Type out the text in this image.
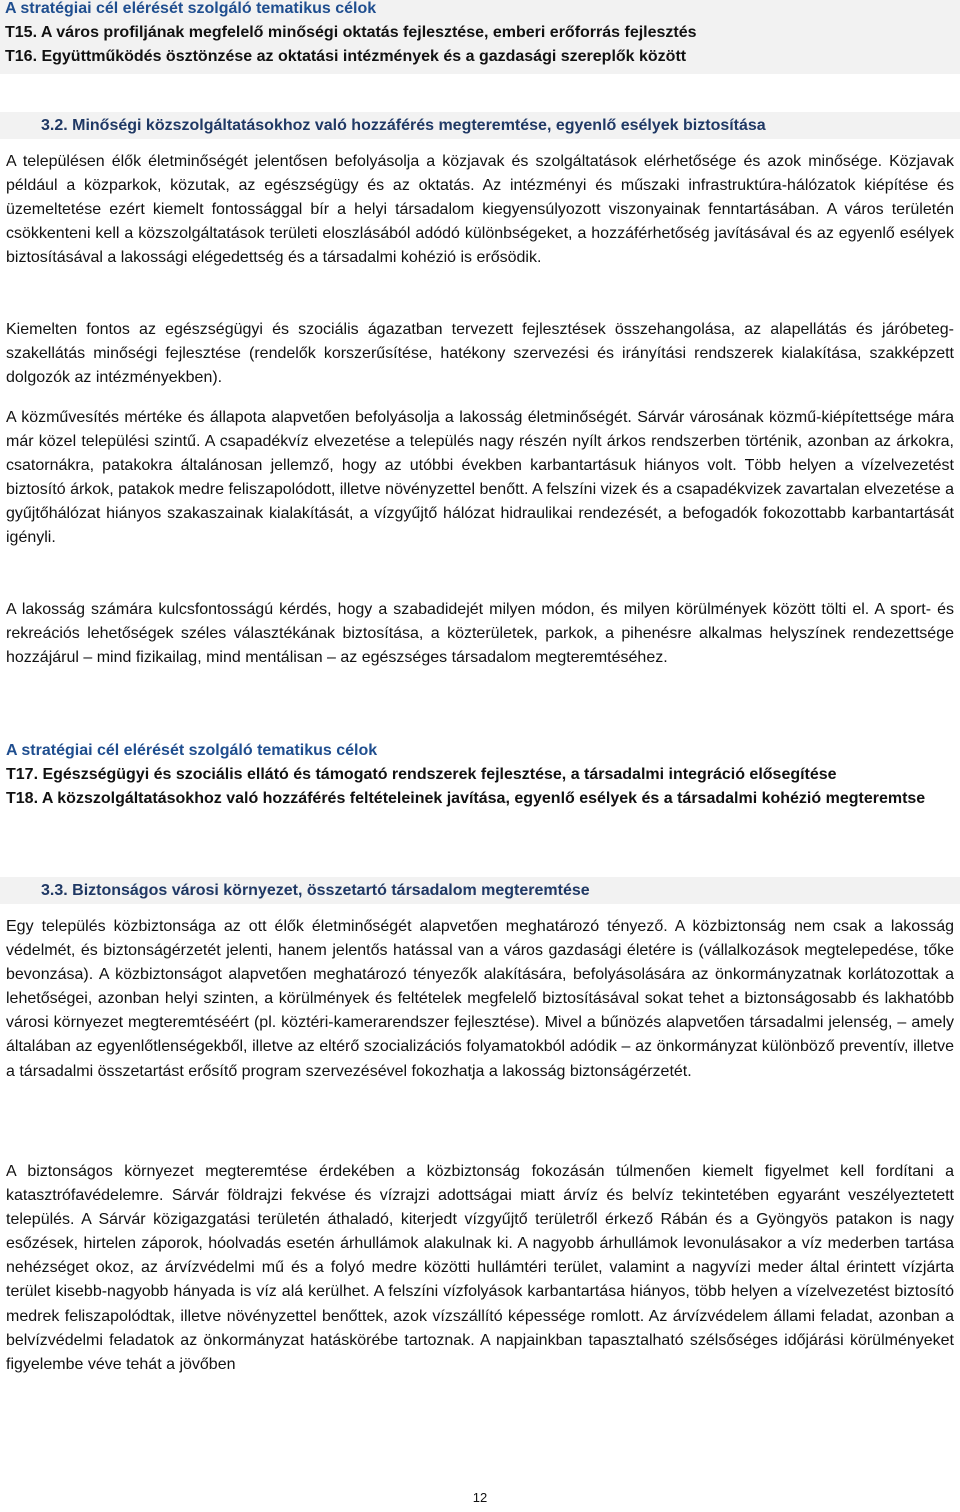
A stratégiai cél elérését szolgáló tematikus célok
T15. A város profiljának megfelelő minőségi oktatás fejlesztése, emberi erőforrás fejlesztés
T16. Együttműködés ösztönzése az oktatási intézmények és a gazdasági szereplők között
3.2. Minőségi közszolgáltatásokhoz való hozzáférés megteremtése, egyenlő esélyek biztosítása

A településen élők életminőségét jelentősen befolyásolja a közjavak és szolgáltatások elérhetősége és azok minősége. Közjavak például a közparkok, közutak, az egészségügy és az oktatás. Az intézményi és műszaki infrastruktúra-hálózatok kiépítése és üzemeltetése ezért kiemelt fontossággal bír a helyi társadalom kiegyensúlyozott viszonyainak fenntartásában. A város területén csökkenteni kell a közszolgáltatások területi eloszlásából adódó különbségeket, a hozzáférhetőség javításával és az egyenlő esélyek biztosításával a lakossági elégedettség és a társadalmi kohézió is erősödik.

Kiemelten fontos az egészségügyi és szociális ágazatban tervezett fejlesztések összehangolása, az alapellátás és járóbeteg-szakellátás minőségi fejlesztése (rendelők korszerűsítése, hatékony szervezési és irányítási rendszerek kialakítása, szakképzett dolgozók az intézményekben).

A közművesítés mértéke és állapota alapvetően befolyásolja a lakosság életminőségét. Sárvár városának közmű-kiépítettsége mára már közel települési szintű. A csapadékvíz elvezetése a település nagy részén nyílt árkos rendszerben történik, azonban az árkokra, csatornákra, patakokra általánosan jellemző, hogy az utóbbi években karbantartásuk hiányos volt. Több helyen a vízelvezetést biztosító árkok, patakok medre feliszapolódott, illetve növényzettel benőtt. A felszíni vizek és a csapadékvizek zavartalan elvezetése a gyűjtőhálózat hiányos szakaszainak kialakítását, a vízgyűjtő hálózat hidraulikai rendezését, a befogadók fokozottabb karbantartását igényli.

A lakosság számára kulcsfontosságú kérdés, hogy a szabadidejét milyen módon, és milyen körülmények között tölti el. A sport- és rekreációs lehetőségek széles választékának biztosítása, a közterületek, parkok, a pihenésre alkalmas helyszínek rendezettsége hozzájárul – mind fizikailag, mind mentálisan – az egészséges társadalom megteremtéséhez.

A stratégiai cél elérését szolgáló tematikus célok
T17. Egészségügyi és szociális ellátó és támogató rendszerek fejlesztése, a társadalmi integráció elősegítése
T18. A közszolgáltatásokhoz való hozzáférés feltételeinek javítása, egyenlő esélyek és a társadalmi kohézió megteremtse
3.3. Biztonságos városi környezet, összetartó társadalom megteremtése

Egy település közbiztonsága az ott élők életminőségét alapvetően meghatározó tényező. A közbiztonság nem csak a lakosság védelmét, és biztonságérzetét jelenti, hanem jelentős hatással van a város gazdasági életére is (vállalkozások megtelepedése, tőke bevonzása). A közbiztonságot alapvetően meghatározó tényezők alakítására, befolyásolására az önkormányzatnak korlátozottak a lehetőségei, azonban helyi szinten, a körülmények és feltételek megfelelő biztosításával sokat tehet a biztonságosabb és lakhatóbb városi környezet megteremtéséért (pl. köztéri-kamerarendszer fejlesztése). Mivel a bűnözés alapvetően társadalmi jelenség, – amely általában az egyenlőtlenségekből, illetve az eltérő szocializációs folyamatokból adódik – az önkormányzat különböző preventív, illetve a társadalmi összetartást erősítő program szervezésével fokozhatja a lakosság biztonságérzetét.

A biztonságos környezet megteremtése érdekében a közbiztonság fokozásán túlmenően kiemelt figyelmet kell fordítani a katasztrófavédelemre. Sárvár földrajzi fekvése és vízrajzi adottságai miatt árvíz és belvíz tekintetében egyaránt veszélyeztetett település. A Sárvár közigazgatási területén áthaladó, kiterjedt vízgyűjtő területről érkező Rábán és a Gyöngyös patakon is nagy esőzések, hirtelen záporok, hóolvadás esetén árhullámok alakulnak ki. A nagyobb árhullámok levonulásakor a víz mederben tartása nehézséget okoz, az árvízvédelmi mű és a folyó medre közötti hullámtéri terület, valamint a nagyvízi meder által érintett vízjárta terület kisebb-nagyobb hányada is víz alá kerülhet. A felszíni vízfolyások karbantartása hiányos, több helyen a vízelvezetést biztosító medrek feliszapolódtak, illetve növényzettel benőttek, azok vízszállító képessége romlott. Az árvízvédelem állami feladat, azonban a belvízvédelmi feladatok az önkormányzat hatáskörébe tartoznak. A napjainkban tapasztalható szélsőséges időjárási körülményeket figyelembe véve tehát a jövőben

12
